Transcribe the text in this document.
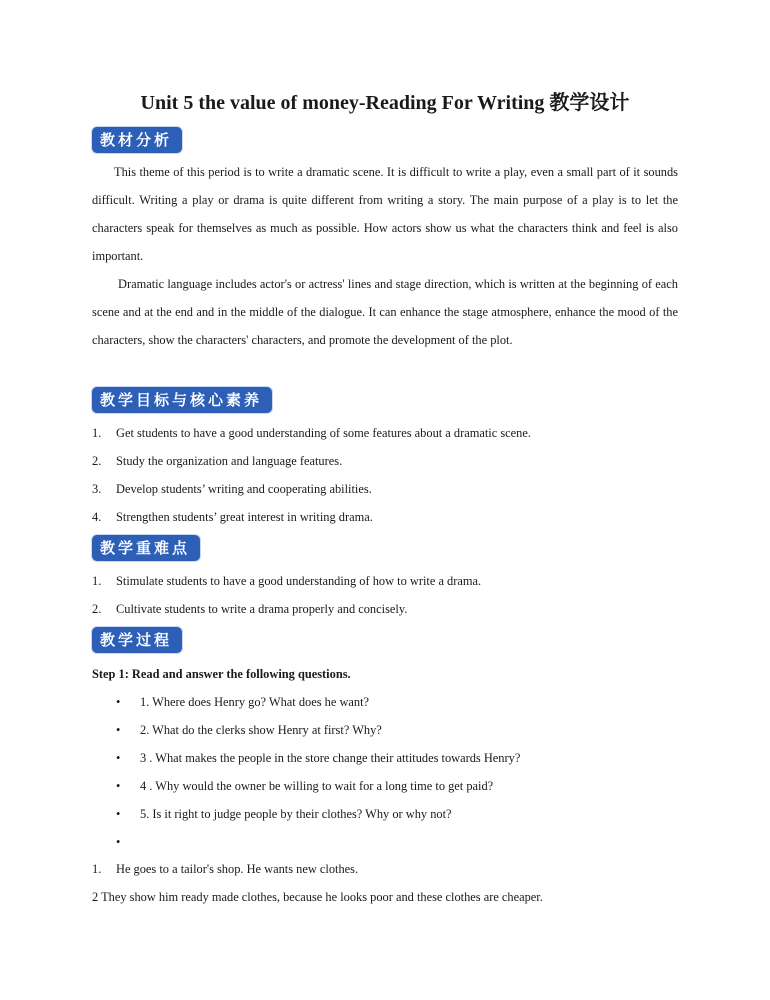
Unit 5 the value of money-Reading For Writing 教学设计
教材分析
This theme of this period is to write a dramatic scene. It is difficult to write a play, even a small part of it sounds difficult. Writing a play or drama is quite different from writing a story. The main purpose of a play is to let the characters speak for themselves as much as possible. How actors show us what the characters think and feel is also important.
Dramatic language includes actor's or actress' lines and stage direction, which is written at the beginning of each scene and at the end and in the middle of the dialogue. It can enhance the stage atmosphere, enhance the mood of the characters, show the characters' characters, and promote the development of the plot.
教学目标与核心素养
1. Get students to have a good understanding of some features about a dramatic scene.
2. Study the organization and language features.
3. Develop students’ writing and cooperating abilities.
4. Strengthen students’ great interest in writing drama.
教学重难点
1. Stimulate students to have a good understanding of how to write a drama.
2. Cultivate students to write a drama properly and concisely.
教学过程
Step 1: Read and answer the following questions.
• 1. Where does Henry go? What does he want?
• 2. What do the clerks show Henry at first? Why?
• 3 . What makes the people in the store change their attitudes towards Henry?
• 4 . Why would the owner be willing to wait for a long time to get paid?
• 5. Is it right to judge people by their clothes? Why or why not?
•
1. He goes to a tailor's shop. He wants new clothes.
2 They show him ready made clothes, because he looks poor and these clothes are cheaper.
